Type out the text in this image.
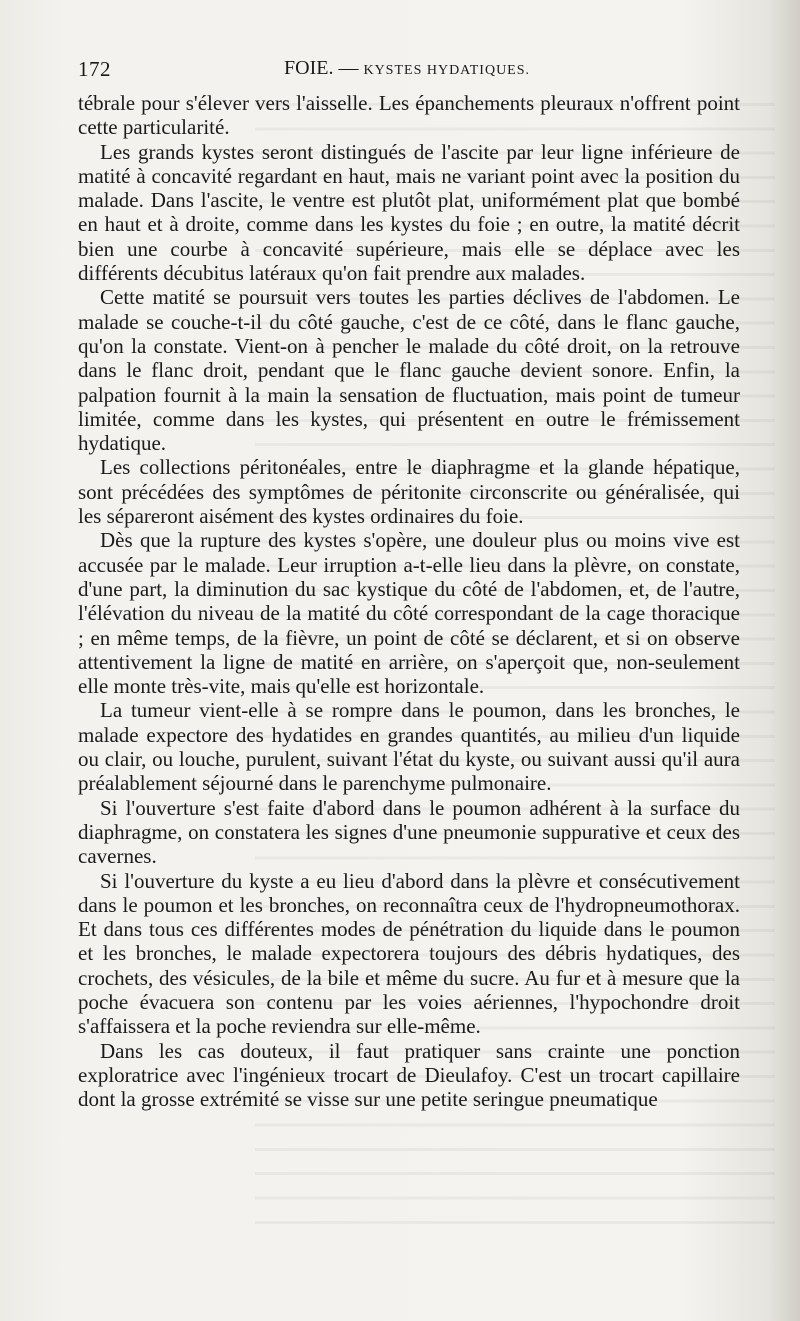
172	FOIE. — KYSTES HYDATIQUES.

tébrale pour s'élever vers l'aisselle. Les épanchements pleuraux n'offrent point cette particularité.

Les grands kystes seront distingués de l'ascite par leur ligne inférieure de matité à concavité regardant en haut, mais ne variant point avec la position du malade. Dans l'ascite, le ventre est plutôt plat, uniformément plat que bombé en haut et à droite, comme dans les kystes du foie ; en outre, la matité décrit bien une courbe à concavité supérieure, mais elle se déplace avec les différents décubitus latéraux qu'on fait prendre aux malades.

Cette matité se poursuit vers toutes les parties déclives de l'abdomen. Le malade se couche-t-il du côté gauche, c'est de ce côté, dans le flanc gauche, qu'on la constate. Vient-on à pencher le malade du côté droit, on la retrouve dans le flanc droit, pendant que le flanc gauche devient sonore. Enfin, la palpation fournit à la main la sensation de fluctuation, mais point de tumeur limitée, comme dans les kystes, qui présentent en outre le frémissement hydatique.

Les collections péritonéales, entre le diaphragme et la glande hépatique, sont précédées des symptômes de péritonite circonscrite ou généralisée, qui les sépareront aisément des kystes ordinaires du foie.

Dès que la rupture des kystes s'opère, une douleur plus ou moins vive est accusée par le malade. Leur irruption a-t-elle lieu dans la plèvre, on constate, d'une part, la diminution du sac kystique du côté de l'abdomen, et, de l'autre, l'élévation du niveau de la matité du côté correspondant de la cage thoracique ; en même temps, de la fièvre, un point de côté se déclarent, et si on observe attentivement la ligne de matité en arrière, on s'aperçoit que, non-seulement elle monte très-vite, mais qu'elle est horizontale.

La tumeur vient-elle à se rompre dans le poumon, dans les bronches, le malade expectore des hydatides en grandes quantités, au milieu d'un liquide ou clair, ou louche, purulent, suivant l'état du kyste, ou suivant aussi qu'il aura préalablement séjourné dans le parenchyme pulmonaire.

Si l'ouverture s'est faite d'abord dans le poumon adhérent à la surface du diaphragme, on constatera les signes d'une pneumonie suppurative et ceux des cavernes.

Si l'ouverture du kyste a eu lieu d'abord dans la plèvre et consécutivement dans le poumon et les bronches, on reconnaîtra ceux de l'hydropneumothorax. Et dans tous ces différentes modes de pénétration du liquide dans le poumon et les bronches, le malade expectorera toujours des débris hydatiques, des crochets, des vésicules, de la bile et même du sucre. Au fur et à mesure que la poche évacuera son contenu par les voies aériennes, l'hypochondre droit s'affaissera et la poche reviendra sur elle-même.

Dans les cas douteux, il faut pratiquer sans crainte une ponction exploratrice avec l'ingénieux trocart de Dieulafoy. C'est un trocart capillaire dont la grosse extrémité se visse sur une petite seringue pneumatique
